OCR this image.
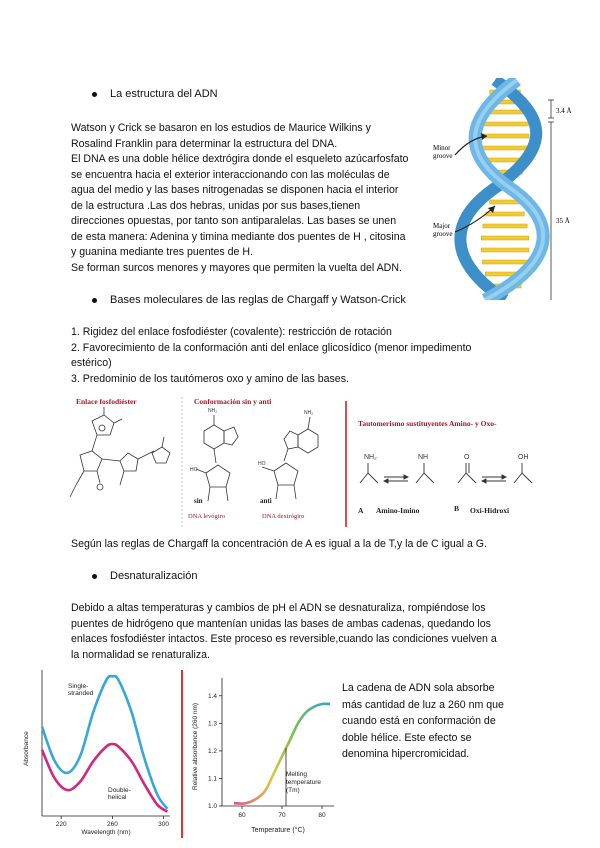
La estructura del ADN
Watson y Crick se basaron en los estudios de Maurice Wilkins y
Rosalind Franklin para determinar la estructura del DNA.
El DNA es una doble hélice dextrógira donde el esqueleto azúcarfosfato
se encuentra hacia el exterior interaccionando con las moléculas de
agua del medio y las bases nitrogenadas se disponen hacia el interior
de la estructura .Las dos hebras, unidas por sus bases,tienen
direcciones opuestas, por tanto son antiparalelas. Las bases se unen
de esta manera: Adenina y timina mediante dos puentes de H , citosina
y guanina mediante tres puentes de H.
Se forman surcos menores y mayores que permiten la vuelta del ADN.
3.4 Å
35 Å
Minor groove
Major groove
Bases moleculares de las reglas de Chargaff y Watson-Crick
1. Rigidez del enlace fosfodiéster (covalente): restricción de rotación
2. Favorecimiento de la conformación anti del enlace glicosídico (menor impedimento
estérico)
3. Predominio de los tautómeros oxo y amino de las bases.
Enlace fosfodiéster	Conformación sin y anti
NH₂
HO
sin
DNA levógiro
NH₂
HO
anti
DNA dextrógiro
Tautomerismo sustituyentes Amino- y Oxo-
NH₂	NH	O	OH
A Amino-Imino	B Oxi-Hidroxi
Según las reglas de Chargaff la concentración de A es igual a la de T,y la de C igual a G.
Desnaturalización
Debido a altas temperaturas y cambios de pH el ADN se desnaturaliza, rompiéndose los
puentes de hidrógeno que mantenían unidas las bases de ambas cadenas, quedando los
enlaces fosfodiéster intactos. Este proceso es reversible,cuando las condiciones vuelven a
la normalidad se renaturaliza.
Absorbance
Wavelength (nm)
220	260	300
Single-stranded
Double-helical
Relative absorbance (260 nm)
Temperature (°C)
60	70	80
1.0
1.1
1.2
1.3
1.4
Melting temperature (Tm)
La cadena de ADN sola absorbe
más cantidad de luz a 260 nm que
cuando está en conformación de
doble hélice. Este efecto se
denomina hipercromicidad.
